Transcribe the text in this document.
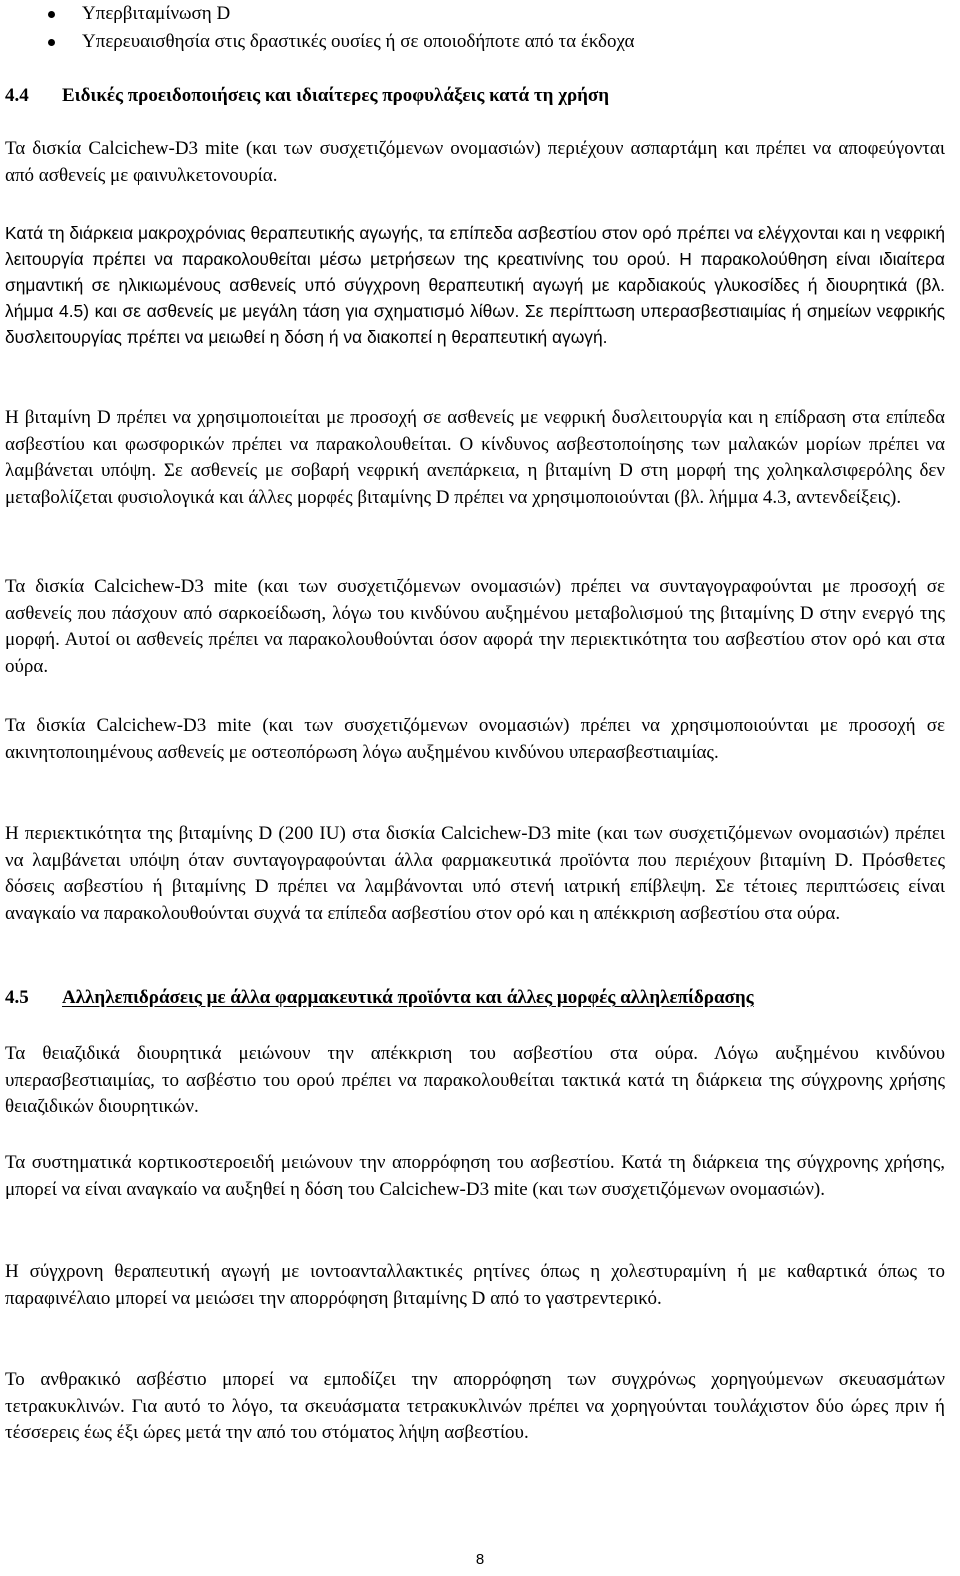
Υπερβιταμίνωση D
Υπερευαισθησία στις δραστικές ουσίες ή σε οποιοδήποτε από τα έκδοχα
4.4 Ειδικές προειδοποιήσεις και ιδιαίτερες προφυλάξεις κατά τη χρήση

Τα δισκία Calcichew-D3 mite (και των συσχετιζόμενων ονομασιών) περιέχουν ασπαρτάμη και πρέπει να αποφεύγονται από ασθενείς με φαινυλκετονουρία.

Κατά τη διάρκεια μακροχρόνιας θεραπευτικής αγωγής, τα επίπεδα ασβεστίου στον ορό πρέπει να ελέγχονται και η νεφρική λειτουργία πρέπει να παρακολουθείται μέσω μετρήσεων της κρεατινίνης του ορού. Η παρακολούθηση είναι ιδιαίτερα σημαντική σε ηλικιωμένους ασθενείς υπό σύγχρονη θεραπευτική αγωγή με καρδιακούς γλυκοσίδες ή διουρητικά (βλ. λήμμα 4.5) και σε ασθενείς με μεγάλη τάση για σχηματισμό λίθων. Σε περίπτωση υπερασβεστιαιμίας ή σημείων νεφρικής δυσλειτουργίας πρέπει να μειωθεί η δόση ή να διακοπεί η θεραπευτική αγωγή.

Η βιταμίνη D πρέπει να χρησιμοποιείται με προσοχή σε ασθενείς με νεφρική δυσλειτουργία και η επίδραση στα επίπεδα ασβεστίου και φωσφορικών πρέπει να παρακολουθείται. Ο κίνδυνος ασβεστοποίησης των μαλακών μορίων πρέπει να λαμβάνεται υπόψη. Σε ασθενείς με σοβαρή νεφρική ανεπάρκεια, η βιταμίνη D στη μορφή της χοληκαλσιφερόλης δεν μεταβολίζεται φυσιολογικά και άλλες μορφές βιταμίνης D πρέπει να χρησιμοποιούνται (βλ. λήμμα 4.3, αντενδείξεις).

Τα δισκία Calcichew-D3 mite (και των συσχετιζόμενων ονομασιών) πρέπει να συνταγογραφούνται με προσοχή σε ασθενείς που πάσχουν από σαρκοείδωση, λόγω του κινδύνου αυξημένου μεταβολισμού της βιταμίνης D στην ενεργό της μορφή. Αυτοί οι ασθενείς πρέπει να παρακολουθούνται όσον αφορά την περιεκτικότητα του ασβεστίου στον ορό και στα ούρα.

Τα δισκία Calcichew-D3 mite (και των συσχετιζόμενων ονομασιών) πρέπει να χρησιμοποιούνται με προσοχή σε ακινητοποιημένους ασθενείς με οστεοπόρωση λόγω αυξημένου κινδύνου υπερασβεστιαιμίας.

Η περιεκτικότητα της βιταμίνης D (200 IU) στα δισκία Calcichew-D3 mite (και των συσχετιζόμενων ονομασιών) πρέπει να λαμβάνεται υπόψη όταν συνταγογραφούνται άλλα φαρμακευτικά προϊόντα που περιέχουν βιταμίνη D. Πρόσθετες δόσεις ασβεστίου ή βιταμίνης D πρέπει να λαμβάνονται υπό στενή ιατρική επίβλεψη. Σε τέτοιες περιπτώσεις είναι αναγκαίο να παρακολουθούνται συχνά τα επίπεδα ασβεστίου στον ορό και η απέκκριση ασβεστίου στα ούρα.

4.5 Αλληλεπιδράσεις με άλλα φαρμακευτικά προϊόντα και άλλες μορφές αλληλεπίδρασης

Τα θειαζιδικά διουρητικά μειώνουν την απέκκριση του ασβεστίου στα ούρα. Λόγω αυξημένου κινδύνου υπερασβεστιαιμίας, το ασβέστιο του ορού πρέπει να παρακολουθείται τακτικά κατά τη διάρκεια της σύγχρονης χρήσης θειαζιδικών διουρητικών.

Τα συστηματικά κορτικοστεροειδή μειώνουν την απορρόφηση του ασβεστίου. Κατά τη διάρκεια της σύγχρονης χρήσης, μπορεί να είναι αναγκαίο να αυξηθεί η δόση του Calcichew-D3 mite (και των συσχετιζόμενων ονομασιών).

Η σύγχρονη θεραπευτική αγωγή με ιοντοανταλλακτικές ρητίνες όπως η χολεστυραμίνη ή με καθαρτικά όπως το παραφινέλαιο μπορεί να μειώσει την απορρόφηση βιταμίνης D από το γαστρεντερικό.

Το ανθρακικό ασβέστιο μπορεί να εμποδίζει την απορρόφηση των συγχρόνως χορηγούμενων σκευασμάτων τετρακυκλινών. Για αυτό το λόγο, τα σκευάσματα τετρακυκλινών πρέπει να χορηγούνται τουλάχιστον δύο ώρες πριν ή τέσσερεις έως έξι ώρες μετά την από του στόματος λήψη ασβεστίου.

8
